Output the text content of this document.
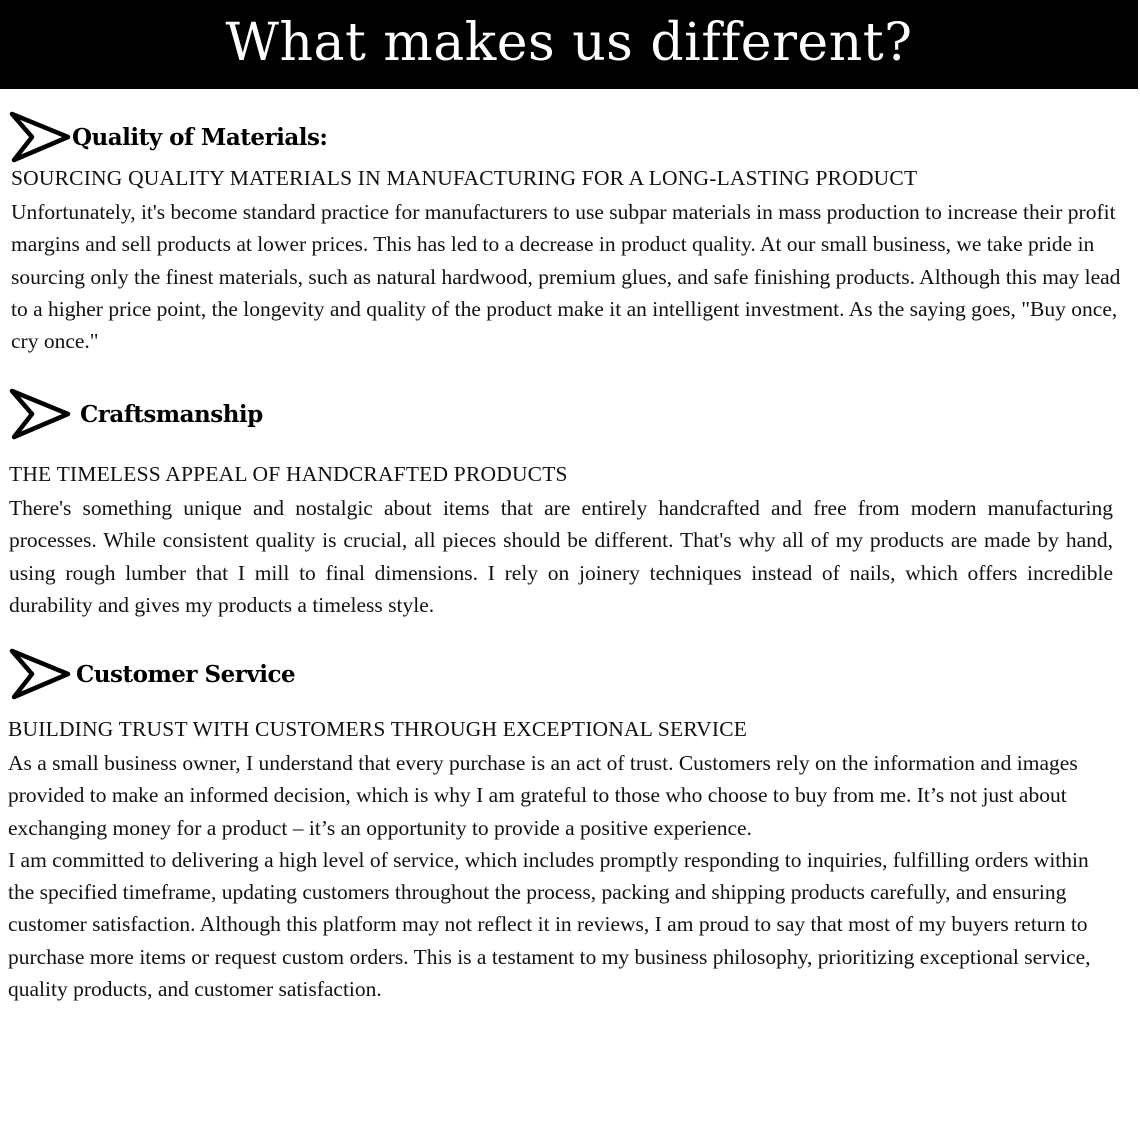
What makes us different?
Quality of Materials:
SOURCING QUALITY MATERIALS IN MANUFACTURING FOR A LONG-LASTING PRODUCT

Unfortunately, it's become standard practice for manufacturers to use subpar materials in mass production to increase their profit margins and sell products at lower prices. This has led to a decrease in product quality. At our small business, we take pride in sourcing only the finest materials, such as natural hardwood, premium glues, and safe finishing products. Although this may lead to a higher price point, the longevity and quality of the product make it an intelligent investment. As the saying goes, "Buy once, cry once."

Craftsmanship
THE TIMELESS APPEAL OF HANDCRAFTED PRODUCTS

There's something unique and nostalgic about items that are entirely handcrafted and free from modern manufacturing processes. While consistent quality is crucial, all pieces should be different. That's why all of my products are made by hand, using rough lumber that I mill to final dimensions. I rely on joinery techniques instead of nails, which offers incredible durability and gives my products a timeless style.

Customer Service
BUILDING TRUST WITH CUSTOMERS THROUGH EXCEPTIONAL SERVICE

As a small business owner, I understand that every purchase is an act of trust. Customers rely on the information and images provided to make an informed decision, which is why I am grateful to those who choose to buy from me. It’s not just about exchanging money for a product – it’s an opportunity to provide a positive experience.

I am committed to delivering a high level of service, which includes promptly responding to inquiries, fulfilling orders within the specified timeframe, updating customers throughout the process, packing and shipping products carefully, and ensuring customer satisfaction. Although this platform may not reflect it in reviews, I am proud to say that most of my buyers return to purchase more items or request custom orders. This is a testament to my business philosophy, prioritizing exceptional service, quality products, and customer satisfaction.
